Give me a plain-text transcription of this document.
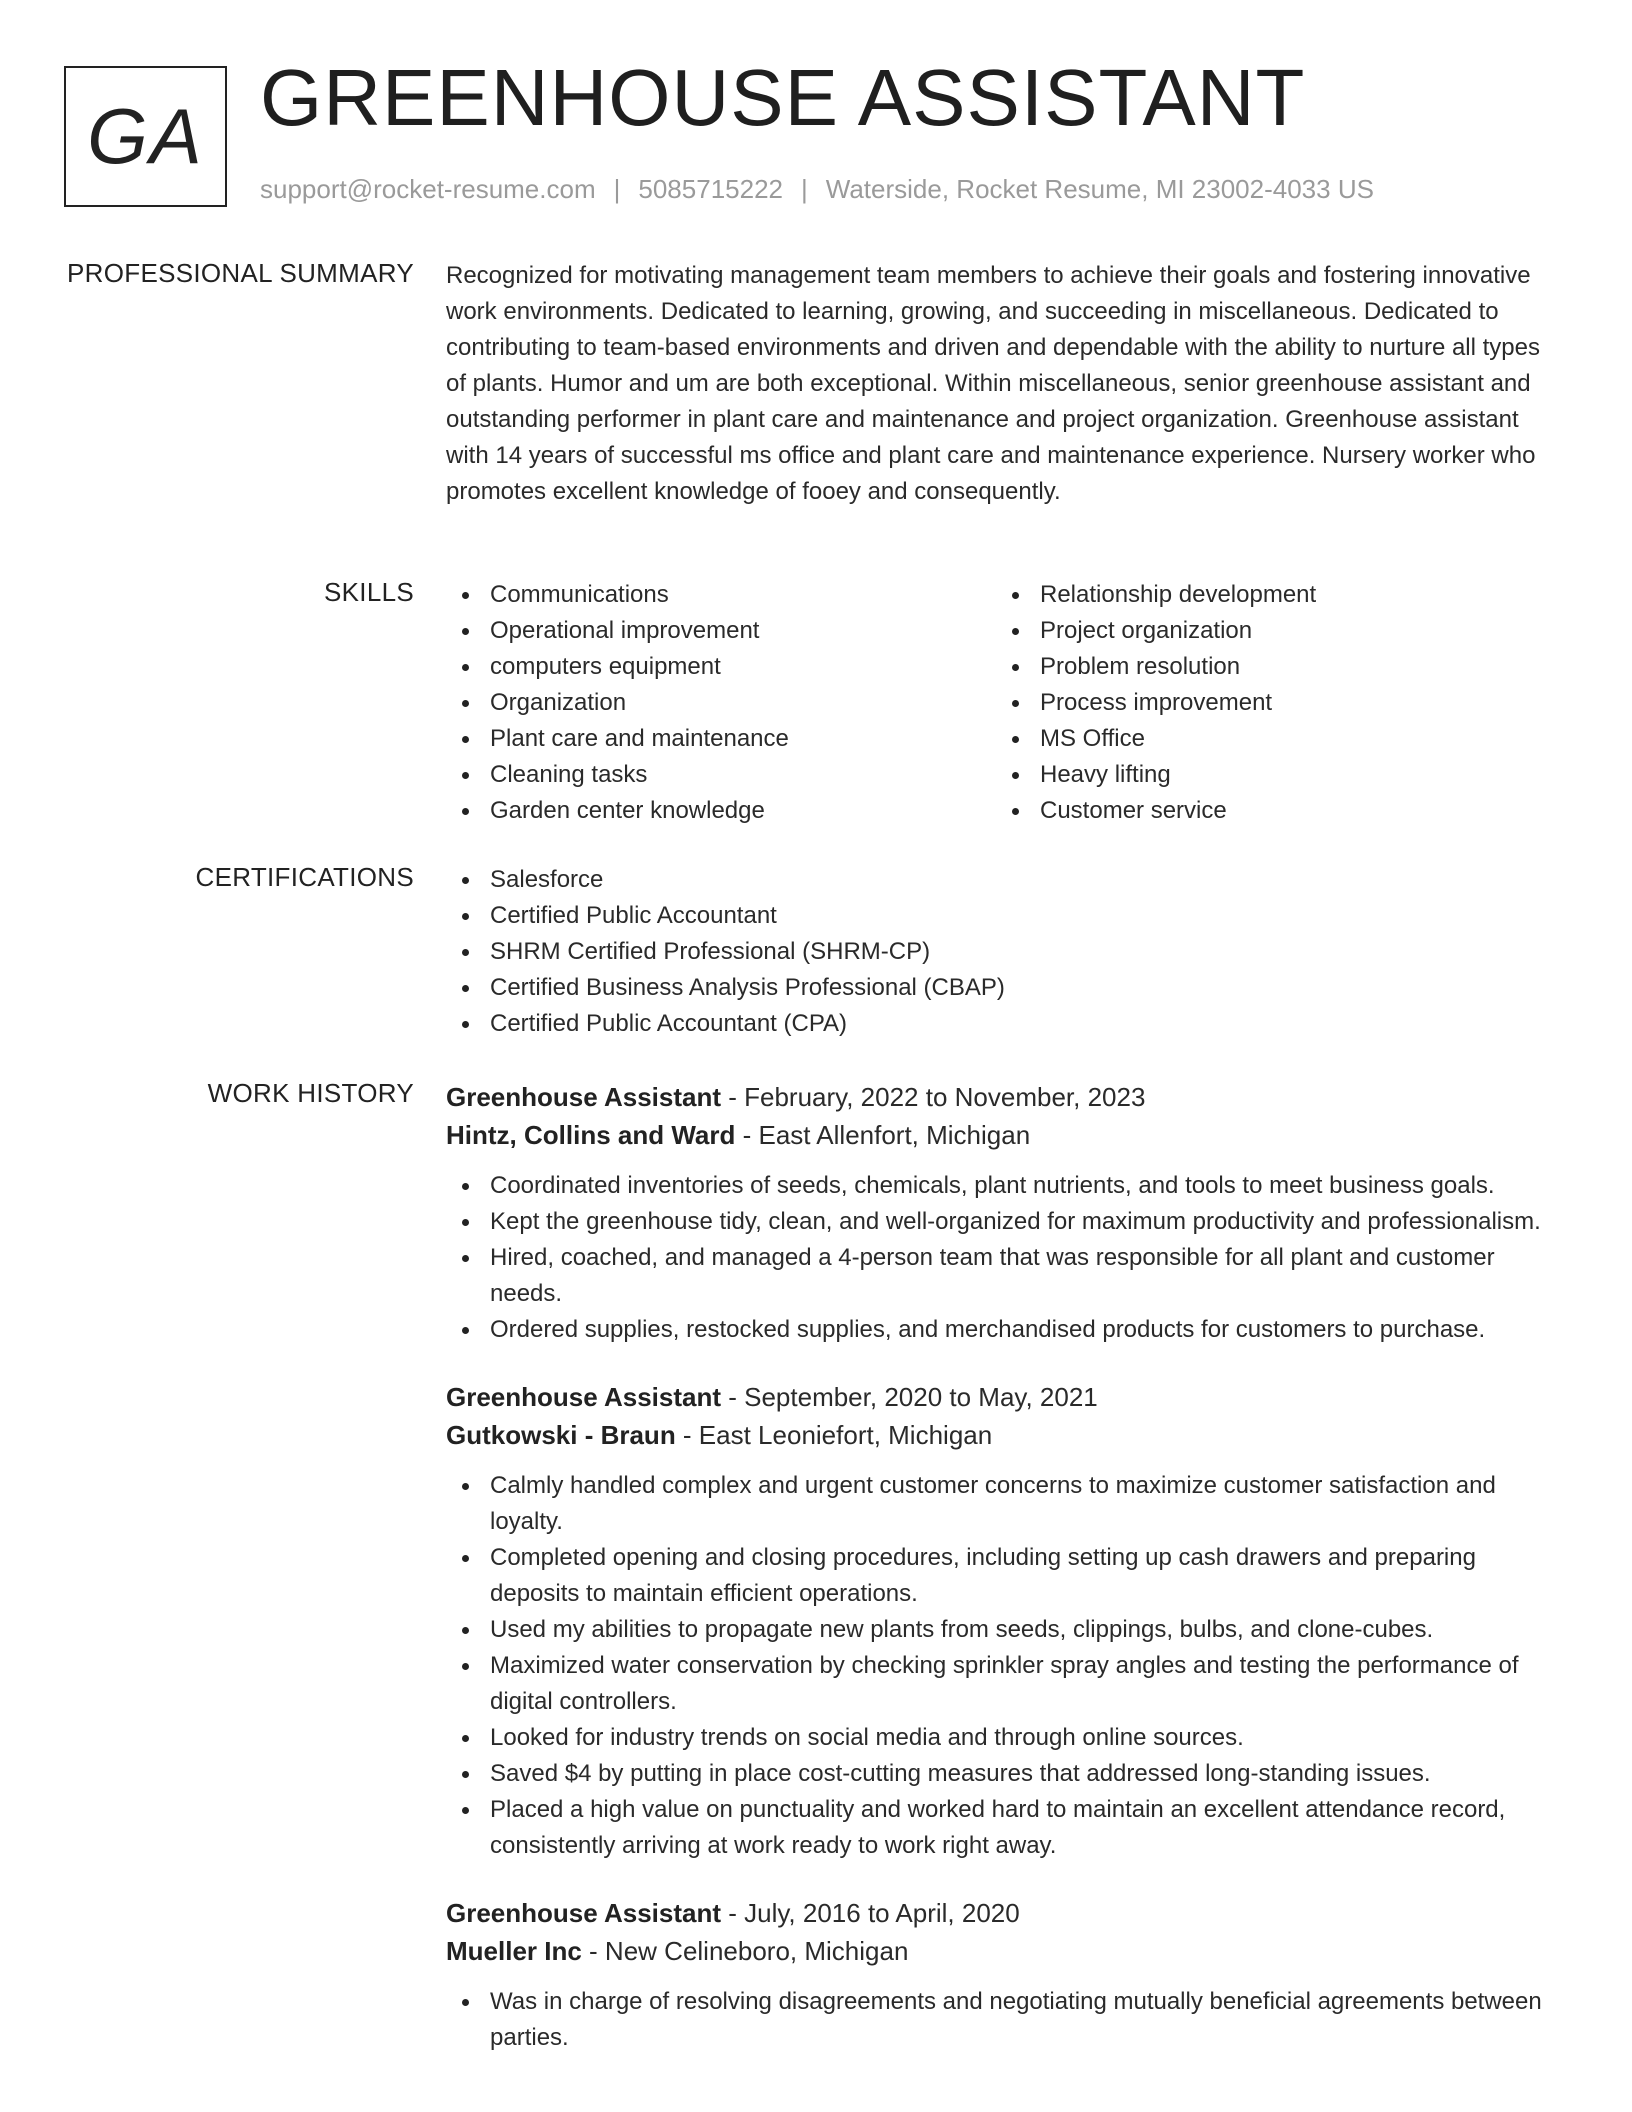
GA GREENHOUSE ASSISTANT
support@rocket-resume.com | 5085715222 | Waterside, Rocket Resume, MI 23002-4033 US
PROFESSIONAL SUMMARY Recognized for motivating management team members to achieve their goals and fostering innovative work environments. Dedicated to learning, growing, and succeeding in miscellaneous. Dedicated to contributing to team-based environments and driven and dependable with the ability to nurture all types of plants. Humor and um are both exceptional. Within miscellaneous, senior greenhouse assistant and outstanding performer in plant care and maintenance and project organization. Greenhouse assistant with 14 years of successful ms office and plant care and maintenance experience. Nursery worker who promotes excellent knowledge of fooey and consequently.

SKILLS	Communications
Operational improvement
computers equipment
Organization
Plant care and maintenance
Cleaning tasks
Garden center knowledge
Relationship development
Project organization
Problem resolution
Process improvement
MS Office
Heavy lifting
Customer service
CERTIFICATIONS	Salesforce
Certified Public Accountant
SHRM Certified Professional (SHRM-CP)
Certified Business Analysis Professional (CBAP)
Certified Public Accountant (CPA)
WORK HISTORY Greenhouse Assistant - February, 2022 to November, 2023
Hintz, Collins and Ward - East Allenfort, Michigan
Coordinated inventories of seeds, chemicals, plant nutrients, and tools to meet business goals.
Kept the greenhouse tidy, clean, and well-organized for maximum productivity and professionalism.
Hired, coached, and managed a 4-person team that was responsible for all plant and customer needs.
Ordered supplies, restocked supplies, and merchandised products for customers to purchase.
Greenhouse Assistant - September, 2020 to May, 2021
Gutkowski - Braun - East Leoniefort, Michigan
Calmly handled complex and urgent customer concerns to maximize customer satisfaction and loyalty.
Completed opening and closing procedures, including setting up cash drawers and preparing deposits to maintain efficient operations.
Used my abilities to propagate new plants from seeds, clippings, bulbs, and clone-cubes.
Maximized water conservation by checking sprinkler spray angles and testing the performance of digital controllers.
Looked for industry trends on social media and through online sources.
Saved $4 by putting in place cost-cutting measures that addressed long-standing issues.
Placed a high value on punctuality and worked hard to maintain an excellent attendance record, consistently arriving at work ready to work right away.
Greenhouse Assistant - July, 2016 to April, 2020
Mueller Inc - New Celineboro, Michigan
Was in charge of resolving disagreements and negotiating mutually beneficial agreements between parties.
